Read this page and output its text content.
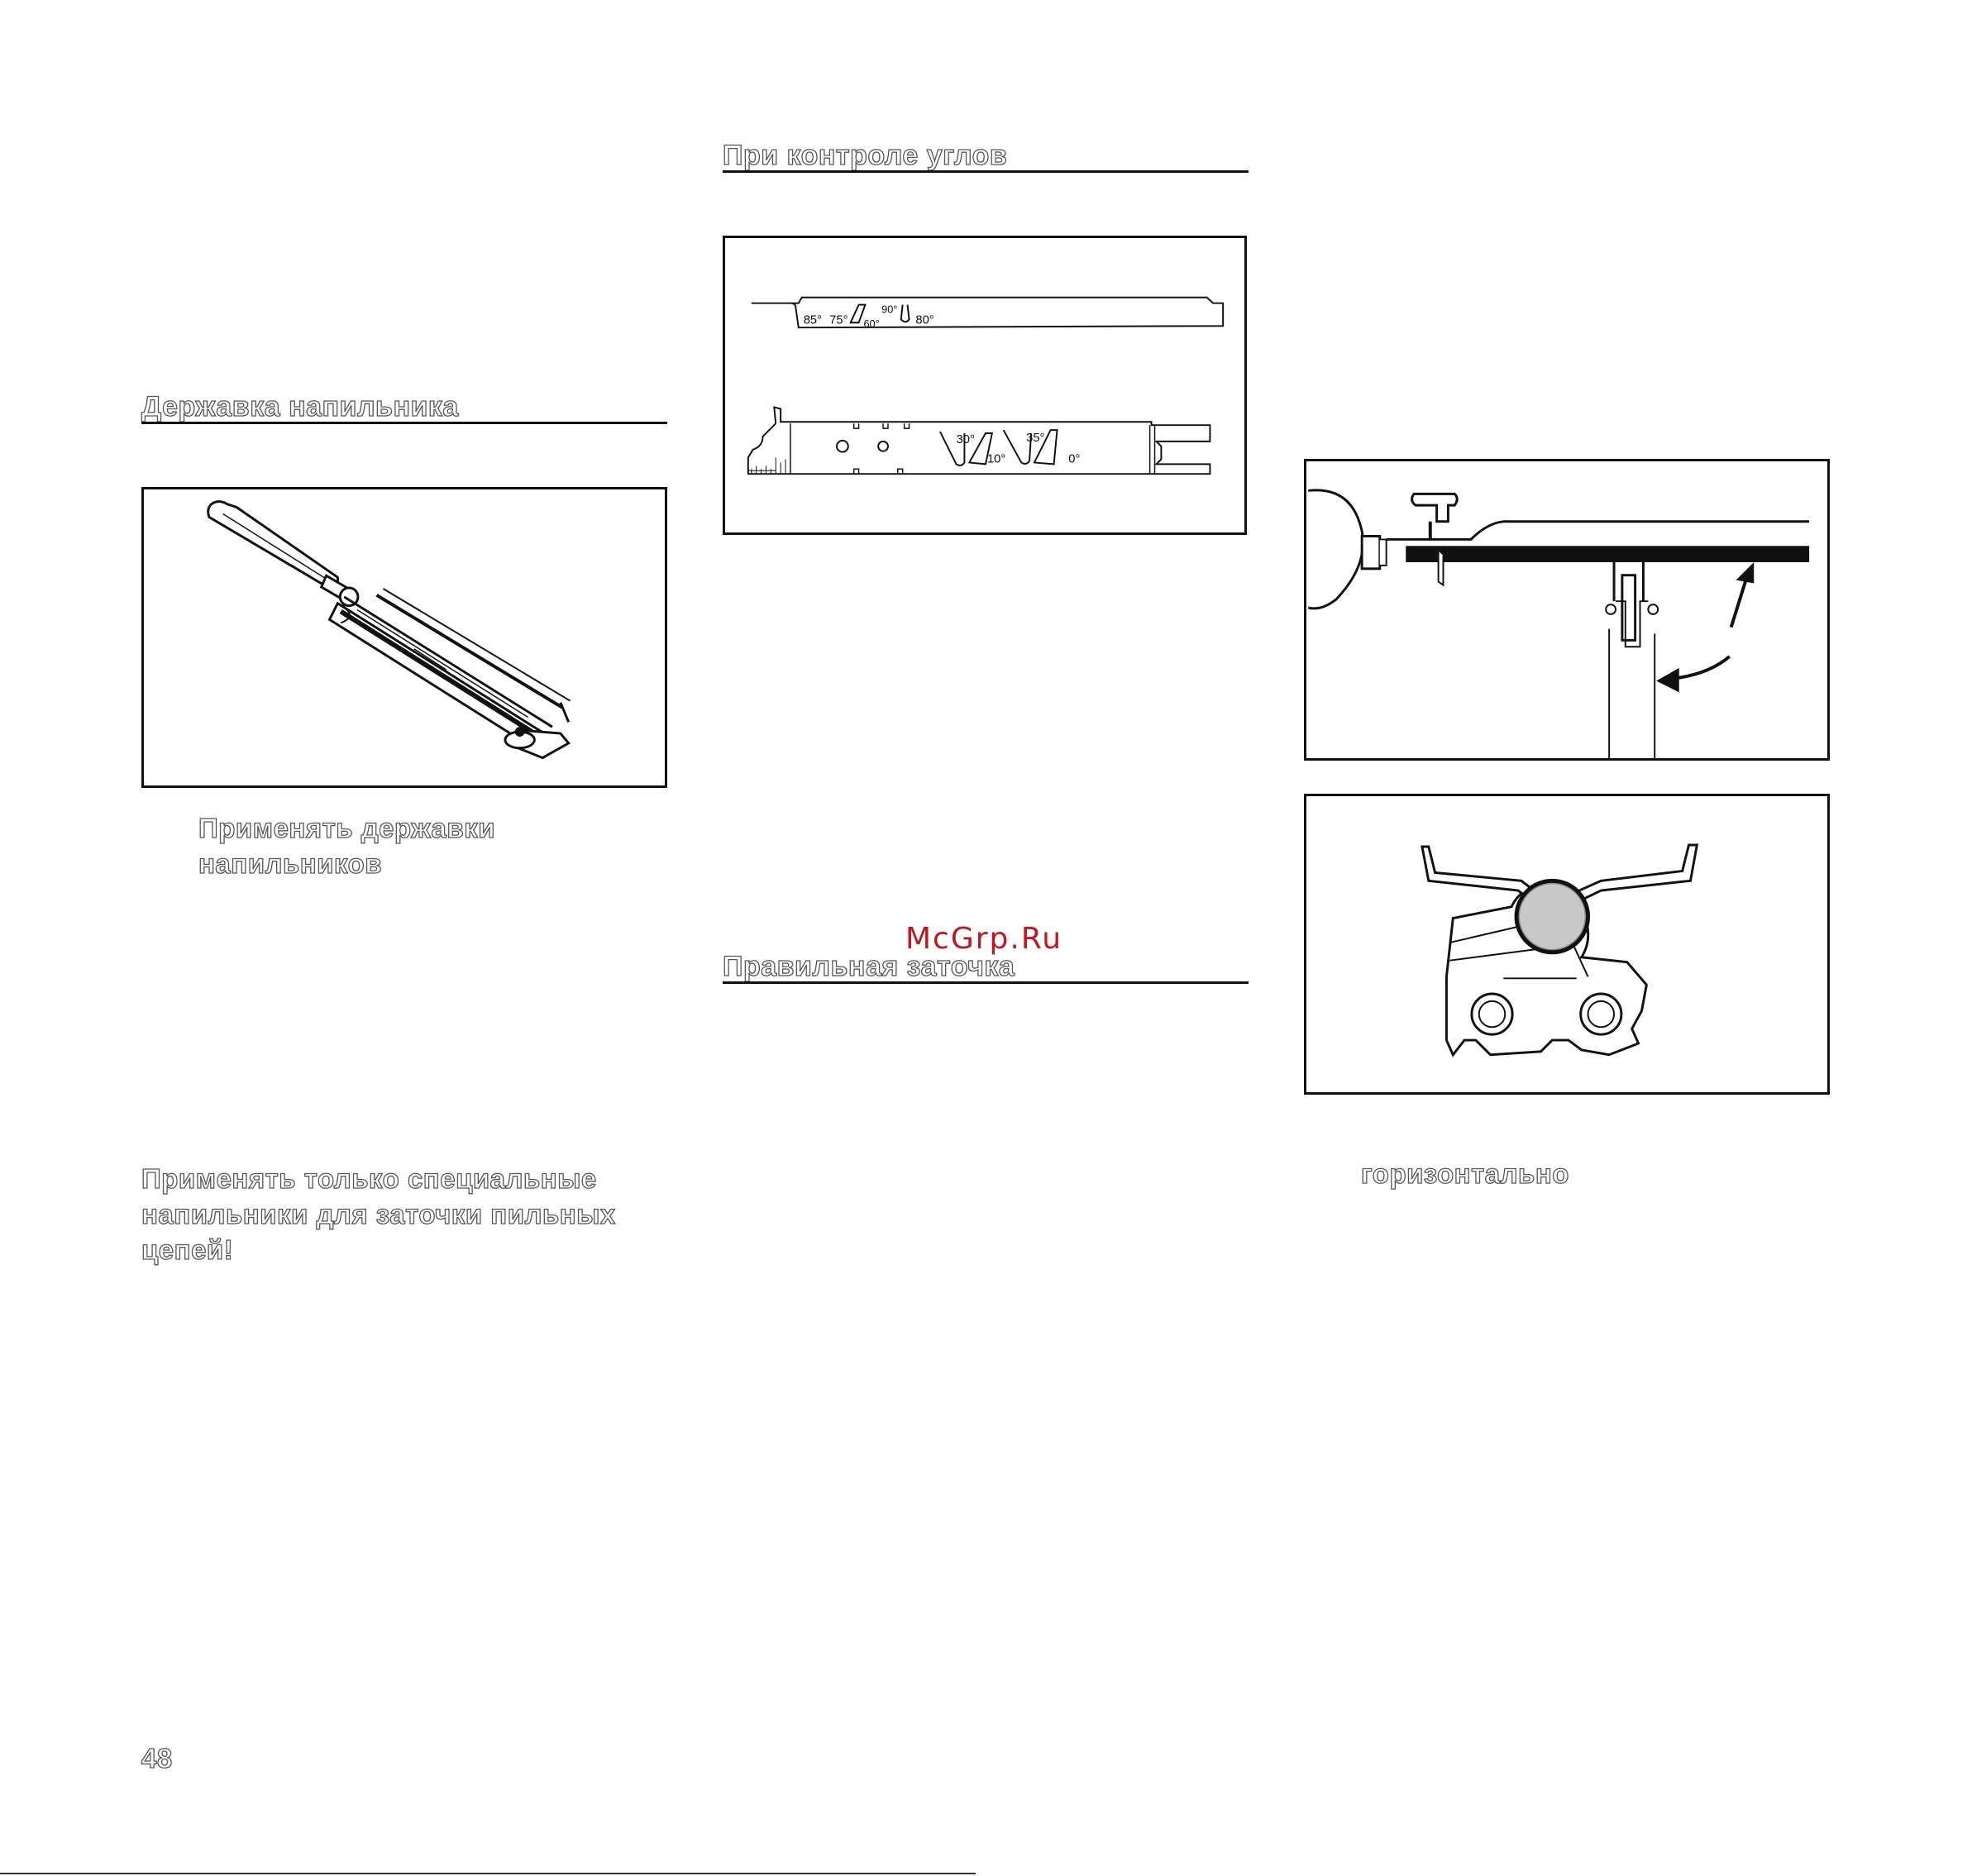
Державка напильника
Применять державки
напильников
Применять только специальные
напильники для заточки пильных
цепей!
48
При контроле углов
85° 75° 60°
90°
80°
30°
10°
35°
0°
McGrp.Ru
Правильная заточка
горизонтально
